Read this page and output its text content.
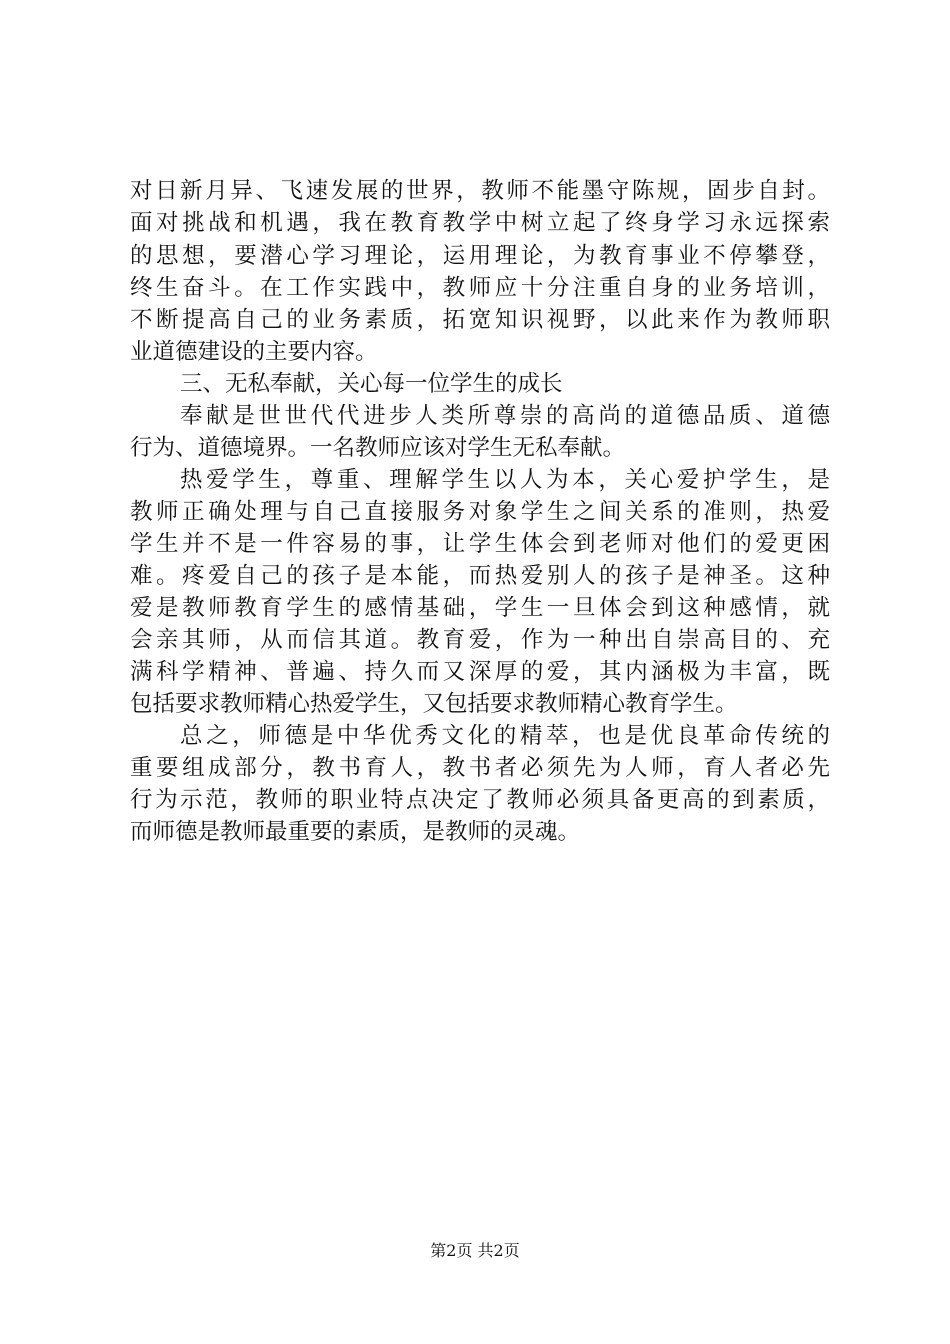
对日新月异、飞速发展的世界，教师不能墨守陈规，固步自封。
面对挑战和机遇，我在教育教学中树立起了终身学习永远探索
的思想，要潜心学习理论，运用理论，为教育事业不停攀登，
终生奋斗。在工作实践中，教师应十分注重自身的业务培训，
不断提高自己的业务素质，拓宽知识视野，以此来作为教师职
业道德建设的主要内容。
三、无私奉献，关心每一位学生的成长
奉献是世世代代进步人类所尊崇的高尚的道德品质、道德
行为、道德境界。一名教师应该对学生无私奉献。
热爱学生，尊重、理解学生以人为本，关心爱护学生，是
教师正确处理与自己直接服务对象学生之间关系的准则，热爱
学生并不是一件容易的事，让学生体会到老师对他们的爱更困
难。疼爱自己的孩子是本能，而热爱别人的孩子是神圣。这种
爱是教师教育学生的感情基础，学生一旦体会到这种感情，就
会亲其师，从而信其道。教育爱，作为一种出自崇高目的、充
满科学精神、普遍、持久而又深厚的爱，其内涵极为丰富，既
包括要求教师精心热爱学生，又包括要求教师精心教育学生。
总之，师德是中华优秀文化的精萃，也是优良革命传统的
重要组成部分，教书育人，教书者必须先为人师，育人者必先
行为示范，教师的职业特点决定了教师必须具备更高的到素质，
而师德是教师最重要的素质，是教师的灵魂。
第2页 共2页
